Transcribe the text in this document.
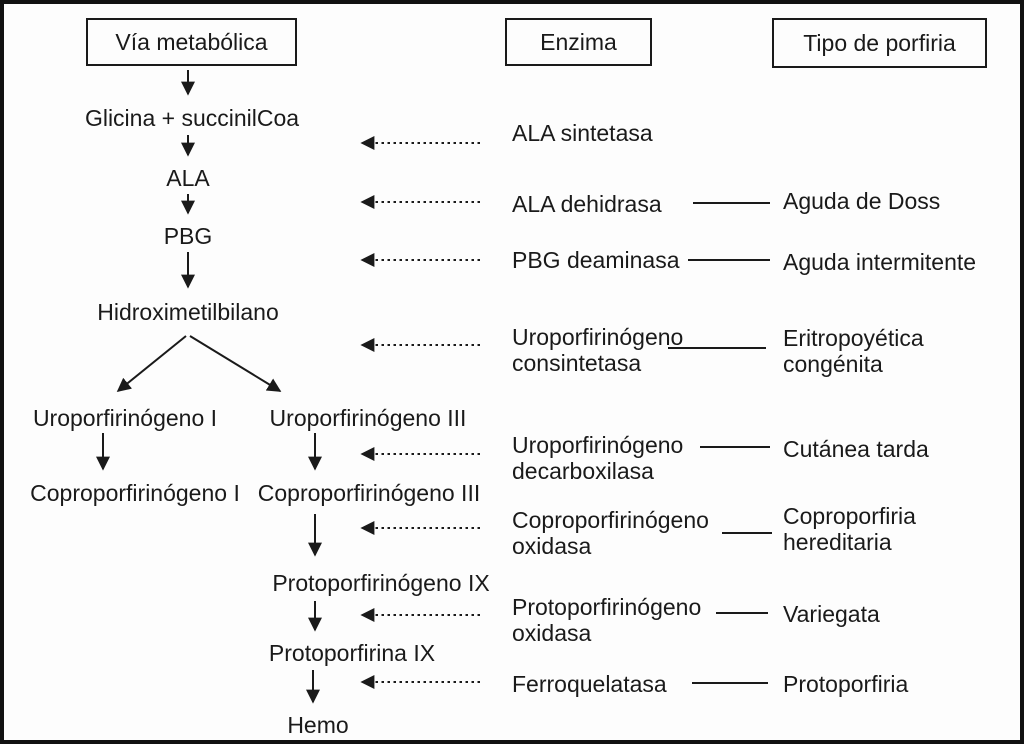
Vía metabólica	Enzima	Tipo de porfiria
Glicina + succinilCoa
ALA
PBG
Hidroximetilbilano
Uroporfirinógeno I Uroporfirinógeno III
Coproporfirinógeno I Coproporfirinógeno III
Protoporfirinógeno IX
Protoporfirina IX
Hemo
ALA sintetasa
ALA dehidrasa
PBG deaminasa
Uroporfirinógeno
consintetasa
Uroporfirinógeno
decarboxilasa
Coproporfirinógeno
oxidasa
Protoporfirinógeno
oxidasa
Ferroquelatasa
Aguda de Doss
Aguda intermitente
Eritropoyética
congénita
Cutánea tarda
Coproporfiria
hereditaria
Variegata
Protoporfiria
